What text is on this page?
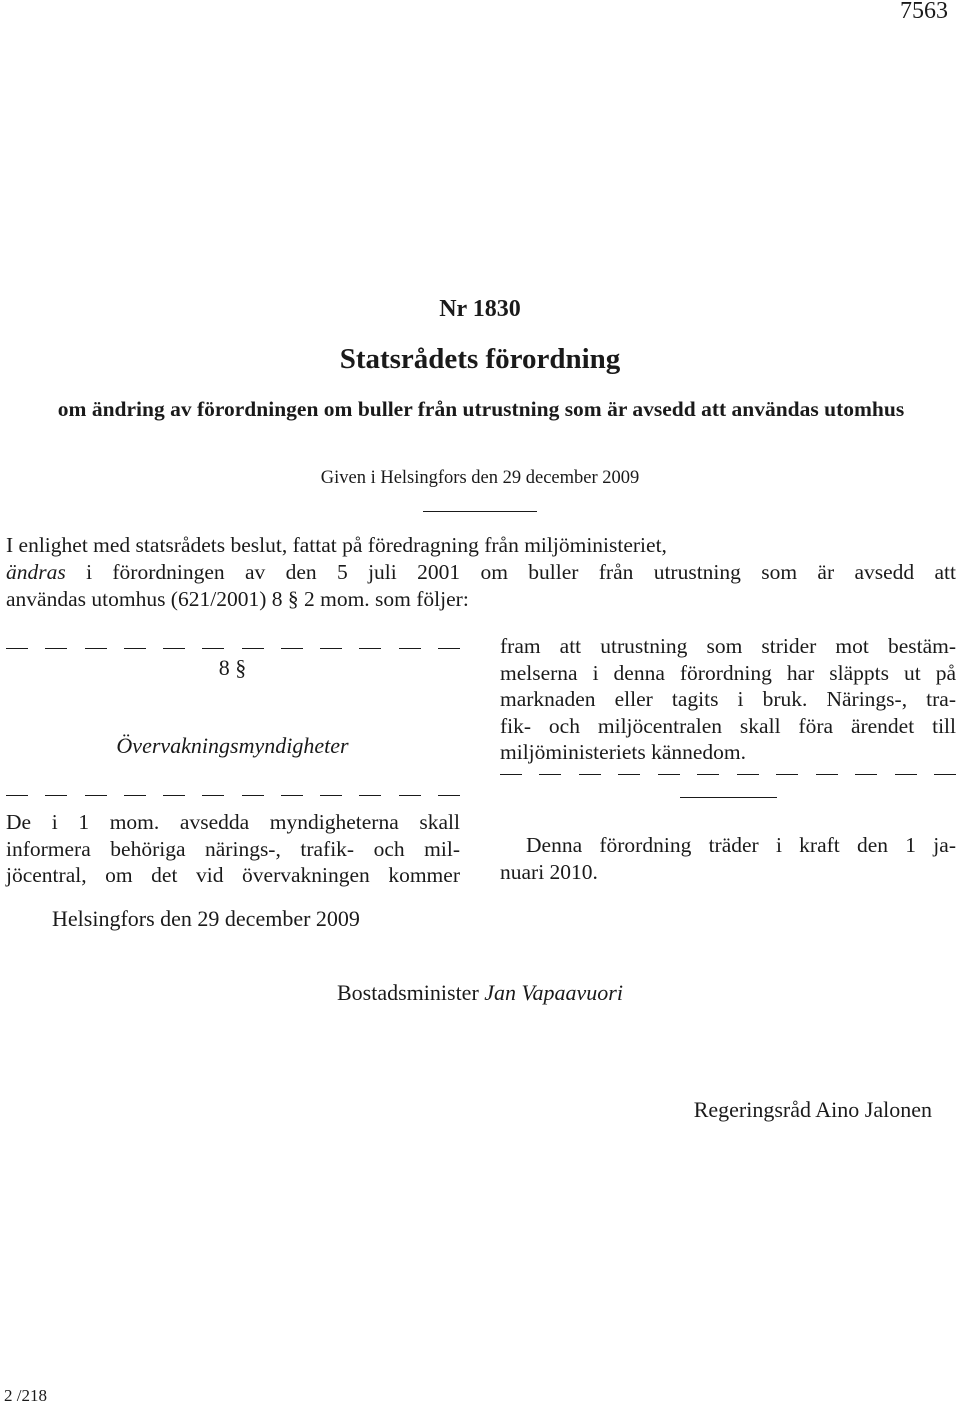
7563
Nr 1830
Statsrådets förordning
om ändring av förordningen om buller från utrustning som är avsedd att användas utomhus
Given i Helsingfors den 29 december 2009
I enlighet med statsrådets beslut, fattat på föredragning från miljöministeriet,
ändras i förordningen av den 5 juli 2001 om buller från utrustning som är avsedd att
användas utomhus (621/2001) 8 § 2 mom. som följer:
8 §
Övervakningsmyndigheter
De i 1 mom. avsedda myndigheterna skall
informera behöriga närings-, trafik- och mil-
jöcentral, om det vid övervakningen kommer
fram att utrustning som strider mot bestäm-
melserna i denna förordning har släppts ut på
marknaden eller tagits i bruk. Närings-, tra-
fik- och miljöcentralen skall föra ärendet till
miljöministeriets kännedom.
Denna förordning träder i kraft den 1 ja-
nuari 2010.
Helsingfors den 29 december 2009
Bostadsminister Jan Vapaavuori
Regeringsråd Aino Jalonen
2 /218
